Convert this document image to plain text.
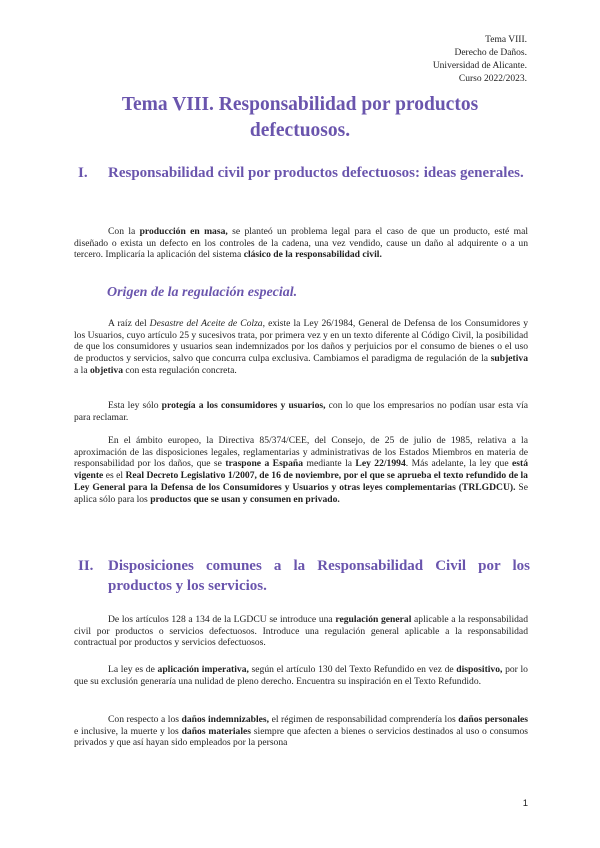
Tema VIII.
Derecho de Daños.
Universidad de Alicante.
Curso 2022/2023.
Tema VIII. Responsabilidad por productos defectuosos.
I. Responsabilidad civil por productos defectuosos: ideas generales.

Con la producción en masa, se planteó un problema legal para el caso de que un producto, esté mal diseñado o exista un defecto en los controles de la cadena, una vez vendido, cause un daño al adquirente o a un tercero. Implicaría la aplicación del sistema clásico de la responsabilidad civil.

Origen de la regulación especial.

A raíz del Desastre del Aceite de Colza, existe la Ley 26/1984, General de Defensa de los Consumidores y los Usuarios, cuyo artículo 25 y sucesivos trata, por primera vez y en un texto diferente al Código Civil, la posibilidad de que los consumidores y usuarios sean indemnizados por los daños y perjuicios por el consumo de bienes o el uso de productos y servicios, salvo que concurra culpa exclusiva. Cambiamos el paradigma de regulación de la subjetiva a la objetiva con esta regulación concreta.

Esta ley sólo protegía a los consumidores y usuarios, con lo que los empresarios no podían usar esta vía para reclamar.

En el ámbito europeo, la Directiva 85/374/CEE, del Consejo, de 25 de julio de 1985, relativa a la aproximación de las disposiciones legales, reglamentarias y administrativas de los Estados Miembros en materia de responsabilidad por los daños, que se traspone a España mediante la Ley 22/1994. Más adelante, la ley que está vigente es el Real Decreto Legislativo 1/2007, de 16 de noviembre, por el que se aprueba el texto refundido de la Ley General para la Defensa de los Consumidores y Usuarios y otras leyes complementarias (TRLGDCU). Se aplica sólo para los productos que se usan y consumen en privado.

II. Disposiciones comunes a la Responsabilidad Civil por los productos y los servicios.

De los artículos 128 a 134 de la LGDCU se introduce una regulación general aplicable a la responsabilidad civil por productos o servicios defectuosos. Introduce una regulación general aplicable a la responsabilidad contractual por productos y servicios defectuosos.

La ley es de aplicación imperativa, según el artículo 130 del Texto Refundido en vez de dispositivo, por lo que su exclusión generaría una nulidad de pleno derecho. Encuentra su inspiración en el Texto Refundido.

Con respecto a los daños indemnizables, el régimen de responsabilidad comprendería los daños personales e inclusive, la muerte y los daños materiales siempre que afecten a bienes o servicios destinados al uso o consumos privados y que así hayan sido empleados por la persona

1
